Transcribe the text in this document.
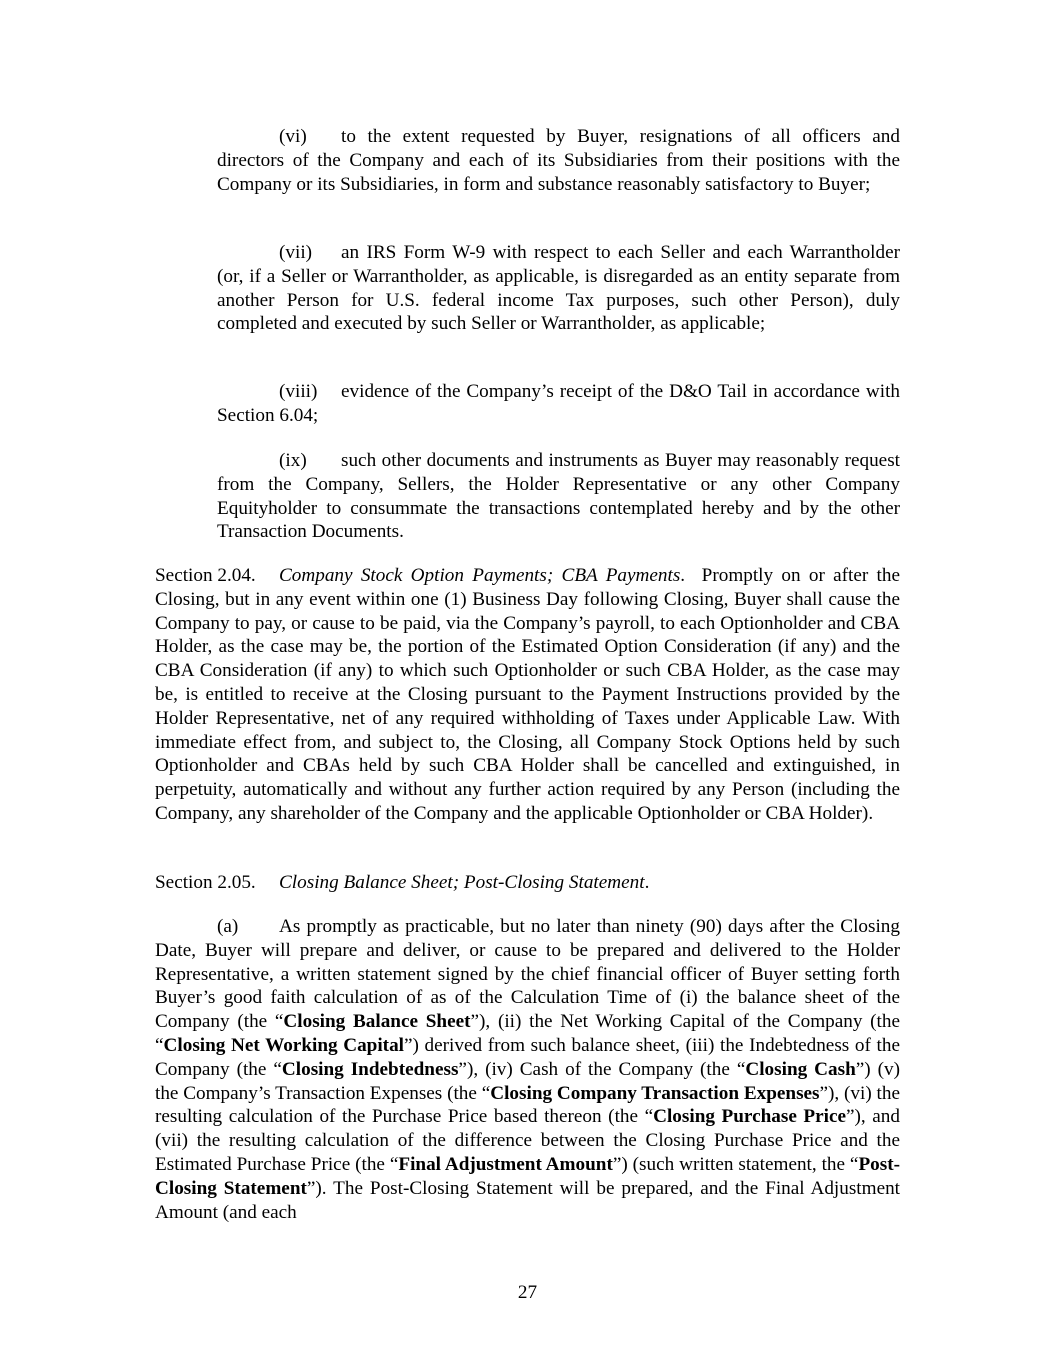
(vi) to the extent requested by Buyer, resignations of all officers and directors of the Company and each of its Subsidiaries from their positions with the Company or its Subsidiaries, in form and substance reasonably satisfactory to Buyer;

(vii) an IRS Form W-9 with respect to each Seller and each Warrantholder (or, if a Seller or Warrantholder, as applicable, is disregarded as an entity separate from another Person for U.S. federal income Tax purposes, such other Person), duly completed and executed by such Seller or Warrantholder, as applicable;

(viii) evidence of the Company’s receipt of the D&O Tail in accordance with Section 6.04;

(ix) such other documents and instruments as Buyer may reasonably request from the Company, Sellers, the Holder Representative or any other Company Equityholder to consummate the transactions contemplated hereby and by the other Transaction Documents.

Section 2.04. Company Stock Option Payments; CBA Payments. Promptly on or after the Closing, but in any event within one (1) Business Day following Closing, Buyer shall cause the Company to pay, or cause to be paid, via the Company’s payroll, to each Optionholder and CBA Holder, as the case may be, the portion of the Estimated Option Consideration (if any) and the CBA Consideration (if any) to which such Optionholder or such CBA Holder, as the case may be, is entitled to receive at the Closing pursuant to the Payment Instructions provided by the Holder Representative, net of any required withholding of Taxes under Applicable Law. With immediate effect from, and subject to, the Closing, all Company Stock Options held by such Optionholder and CBAs held by such CBA Holder shall be cancelled and extinguished, in perpetuity, automatically and without any further action required by any Person (including the Company, any shareholder of the Company and the applicable Optionholder or CBA Holder).

Section 2.05. Closing Balance Sheet; Post-Closing Statement.

(a) As promptly as practicable, but no later than ninety (90) days after the Closing Date, Buyer will prepare and deliver, or cause to be prepared and delivered to the Holder Representative, a written statement signed by the chief financial officer of Buyer setting forth Buyer’s good faith calculation of as of the Calculation Time of (i) the balance sheet of the Company (the “Closing Balance Sheet”), (ii) the Net Working Capital of the Company (the “Closing Net Working Capital”) derived from such balance sheet, (iii) the Indebtedness of the Company (the “Closing Indebtedness”), (iv) Cash of the Company (the “Closing Cash”) (v) the Company’s Transaction Expenses (the “Closing Company Transaction Expenses”), (vi) the resulting calculation of the Purchase Price based thereon (the “Closing Purchase Price”), and (vii) the resulting calculation of the difference between the Closing Purchase Price and the Estimated Purchase Price (the “Final Adjustment Amount”) (such written statement, the “Post-Closing Statement”). The Post-Closing Statement will be prepared, and the Final Adjustment Amount (and each

27
